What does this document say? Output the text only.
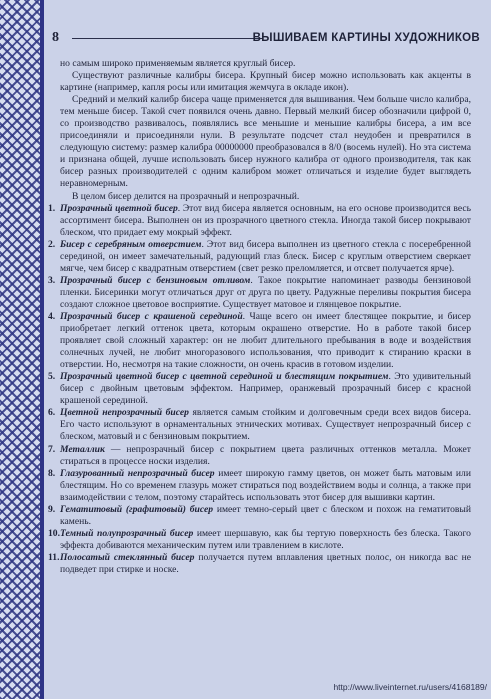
8	ВЫШИВАЕМ КАРТИНЫ ХУДОЖНИКОВ

но самым широко применяемым является круглый бисер.

Существуют различные калибры бисера. Крупный бисер можно использовать как акценты в картине (например, капля росы или имитация жемчуга в окладе икон).

Средний и мелкий калибр бисера чаще применяется для вышивания. Чем больше число калибра, тем меньше бисер. Такой счет появился очень давно. Первый мелкий бисер обозначили цифрой 0, со производство развивалось, появлялись все меньшие и меньшие калибры бисера, а им все присоединяли и присоединяли нули. В результате подсчет стал неудобен и превратился в следующую систему: размер калибра 00000000 преобразовался в 8/0 (восемь нулей). Но эта система и признана общей, лучше использовать бисер нужного калибра от одного производителя, так как бисер разных производителей с одним калибром может отличаться и изделие будет выглядеть неравномерным.

В целом бисер делится на прозрачный и непрозрачный.

1. Прозрачный цветной бисер. Этот вид бисера является основным, на его основе производится весь ассортимент бисера. Выполнен он из прозрачного цветного стекла. Иногда такой бисер покрывают блеском, что придает ему мокрый эффект.
2. Бисер с серебряным отверстием. Этот вид бисера выполнен из цветного стекла с посеребренной серединой, он имеет замечательный, радующий глаз блеск. Бисер с круглым отверстием сверкает мягче, чем бисер с квадратным отверстием (свет резко преломляется, и отсвет получается ярче).
3. Прозрачный бисер с бензиновым отливом. Такое покрытие напоминает разводы бензиновой пленки. Бисеринки могут отличаться друг от друга по цвету. Радужные переливы покрытия бисера создают сложное цветовое восприятие. Существует матовое и глянцевое покрытие.
4. Прозрачный бисер с крашеной серединой. Чаще всего он имеет блестящее покрытие, и бисер приобретает легкий оттенок цвета, которым окрашено отверстие. Но в работе такой бисер проявляет свой сложный характер: он не любит длительного пребывания в воде и воздействия солнечных лучей, не любит многоразового использования, что приводит к стиранию краски в отверстии. Но, несмотря на такие сложности, он очень красив в готовом изделии.
5. Прозрачный цветной бисер с цветной серединой и блестящим покрытием. Это удивительный бисер с двойным цветовым эффектом. Например, оранжевый прозрачный бисер с красной крашеной серединой.
6. Цветной непрозрачный бисер является самым стойким и долговечным среди всех видов бисера. Его часто используют в орнаментальных этнических мотивах. Существует непрозрачный бисер с блеском, матовый и с бензиновым покрытием.
7. Металлик — непрозрачный бисер с покрытием цвета различных оттенков металла. Может стираться в процессе носки изделия.
8. Глазурованный непрозрачный бисер имеет широкую гамму цветов, он может быть матовым или блестящим. Но со временем глазурь может стираться под воздействием воды и солнца, а также при взаимодействии с телом, поэтому старайтесь использовать этот бисер для вышивки картин.
9. Гематитовый (графитовый) бисер имеет темно-серый цвет с блеском и похож на гематитовый камень.
10. Темный полупрозрачный бисер имеет шершавую, как бы тертую поверхность без блеска. Такого эффекта добиваются механическим путем или травлением в кислоте.
11. Полосатый стеклянный бисер получается путем вплавления цветных полос, он никогда вас не подведет при стирке и носке.
http://www.liveinternet.ru/users/4168189/
